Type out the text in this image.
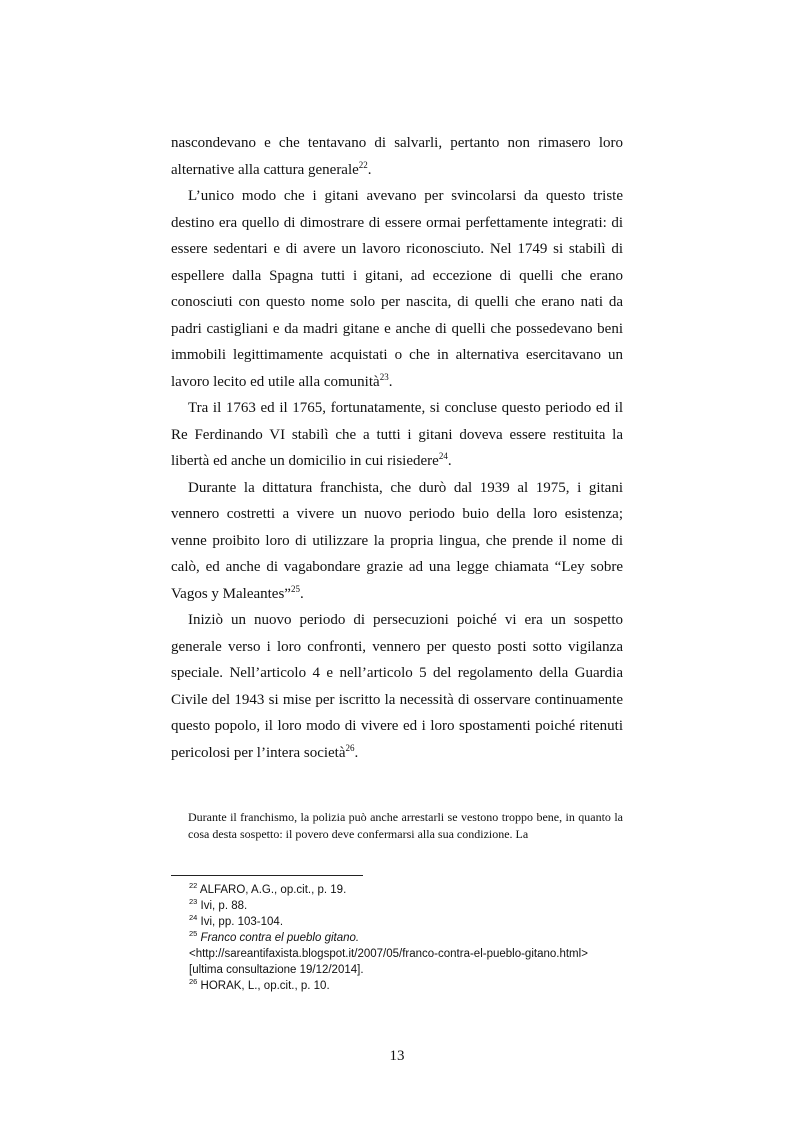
nascondevano e che tentavano di salvarli, pertanto non rimasero loro alternative alla cattura generale$^{22}$.

L’unico modo che i gitani avevano per svincolarsi da questo triste destino era quello di dimostrare di essere ormai perfettamente integrati: di essere sedentari e di avere un lavoro riconosciuto. Nel 1749 si stabilì di espellere dalla Spagna tutti i gitani, ad eccezione di quelli che erano conosciuti con questo nome solo per nascita, di quelli che erano nati da padri castigliani e da madri gitane e anche di quelli che possedevano beni immobili legittimamente acquistati o che in alternativa esercitavano un lavoro lecito ed utile alla comunità$^{23}$.

Tra il 1763 ed il 1765, fortunatamente, si concluse questo periodo ed il Re Ferdinando VI stabilì che a tutti i gitani doveva essere restituita la libertà ed anche un domicilio in cui risiedere$^{24}$.

Durante la dittatura franchista, che durò dal 1939 al 1975, i gitani vennero costretti a vivere un nuovo periodo buio della loro esistenza; venne proibito loro di utilizzare la propria lingua, che prende il nome di calò, ed anche di vagabondare grazie ad una legge chiamata “Ley sobre Vagos y Maleantes”$^{25}$.

Iniziò un nuovo periodo di persecuzioni poiché vi era un sospetto generale verso i loro confronti, vennero per questo posti sotto vigilanza speciale. Nell’articolo 4 e nell’articolo 5 del regolamento della Guardia Civile del 1943 si mise per iscritto la necessità di osservare continuamente questo popolo, il loro modo di vivere ed i loro spostamenti poiché ritenuti pericolosi per l’intera società$^{26}$.

Durante il franchismo, la polizia può anche arrestarli se vestono troppo bene, in quanto la cosa desta sospetto: il povero deve confermarsi alla sua condizione. La

$^{22}$ ALFARO, A.G., op.cit., p. 19.

$^{23}$ Ivi, p. 88.

$^{24}$ Ivi, pp. 103-104.

$^{25}$ Franco contra el pueblo gitano. <http://sareantifaxista.blogspot.it/2007/05/franco-contra-el-pueblo-gitano.html>[ultima consultazione 19/12/2014].

$^{26}$ HORAK, L., op.cit., p. 10.

13
